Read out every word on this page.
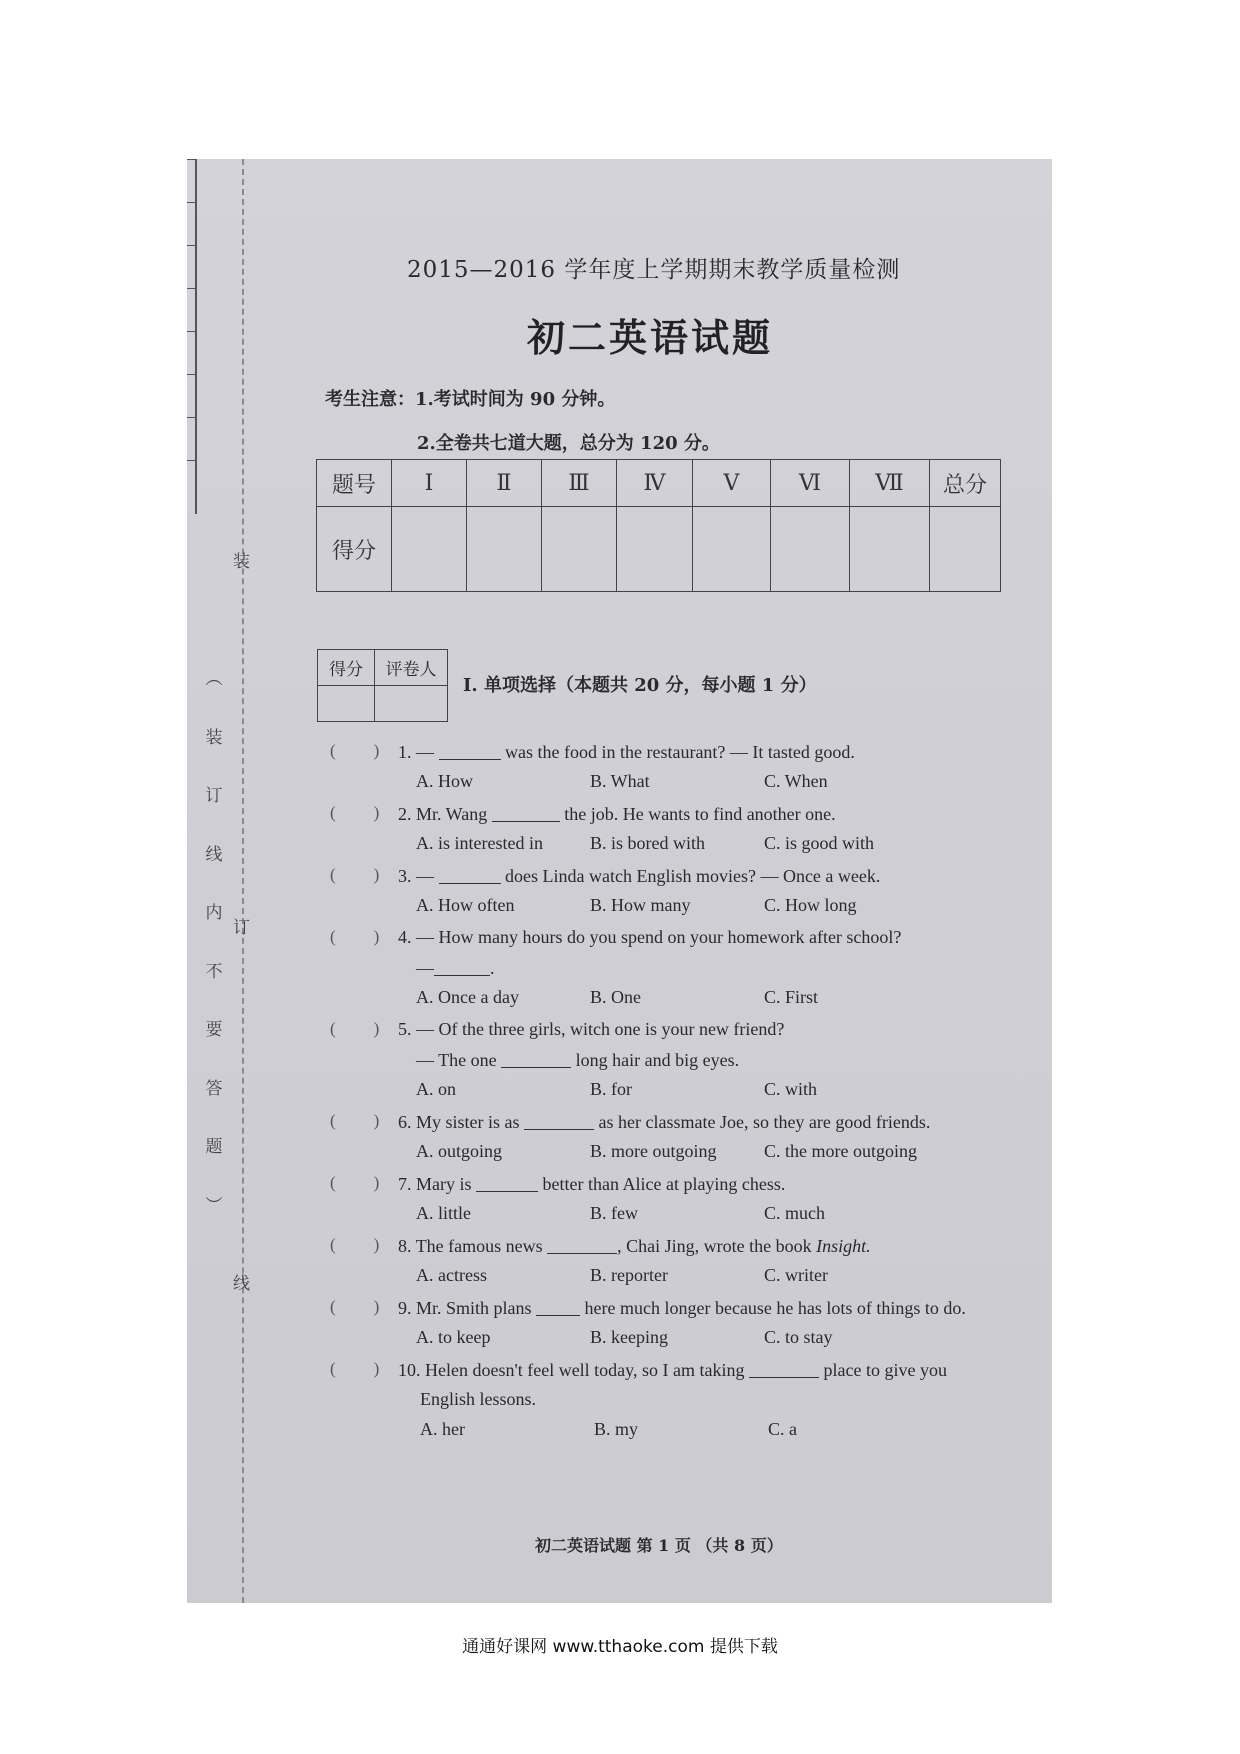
装
订
线
︵
装
订
线
内
不
要
答
题
︶
2015—2016 学年度上学期期末教学质量检测
初二英语试题
考生注意：1.考试时间为 90 分钟。
2.全卷共七道大题，总分为 120 分。
题号	Ⅰ	Ⅱ	Ⅲ	Ⅳ	Ⅴ	Ⅵ	Ⅶ	总分
得分								
得分	评卷人

Ⅰ. 单项选择（本题共 20 分，每小题 1 分）
( ) 1. —	was the food in the restaurant? — It tasted good.
A. How	B. What	C. When
( ) 2. Mr. Wang	the job. He wants to find another one.
A. is interested in	B. is bored with	C. is good with
( ) 3. —	does Linda watch English movies? — Once a week.
A. How often	B. How many	C. How long
( ) 4. — How many hours do you spend on your homework after school?
—	.
A. Once a day	B. One	C. First
( ) 5. — Of the three girls, witch one is your new friend?
— The one	long hair and big eyes.
A. on	B. for	C. with
( ) 6. My sister is as	as her classmate Joe, so they are good friends.
A. outgoing	B. more outgoing	C. the more outgoing
( ) 7. Mary is	better than Alice at playing chess.
A. little	B. few	C. much
( ) 8. The famous news	, Chai Jing, wrote the book Insight.
A. actress	B. reporter	C. writer
( ) 9. Mr. Smith plans	here much longer because he has lots of things to do.
A. to keep	B. keeping	C. to stay
( ) 10. Helen doesn't feel well today, so I am taking	place to give you
English lessons.
A. her	B. my	C. a
初二英语试题 第 1 页 （共 8 页）
通通好课网 www.tthaoke.com 提供下载
